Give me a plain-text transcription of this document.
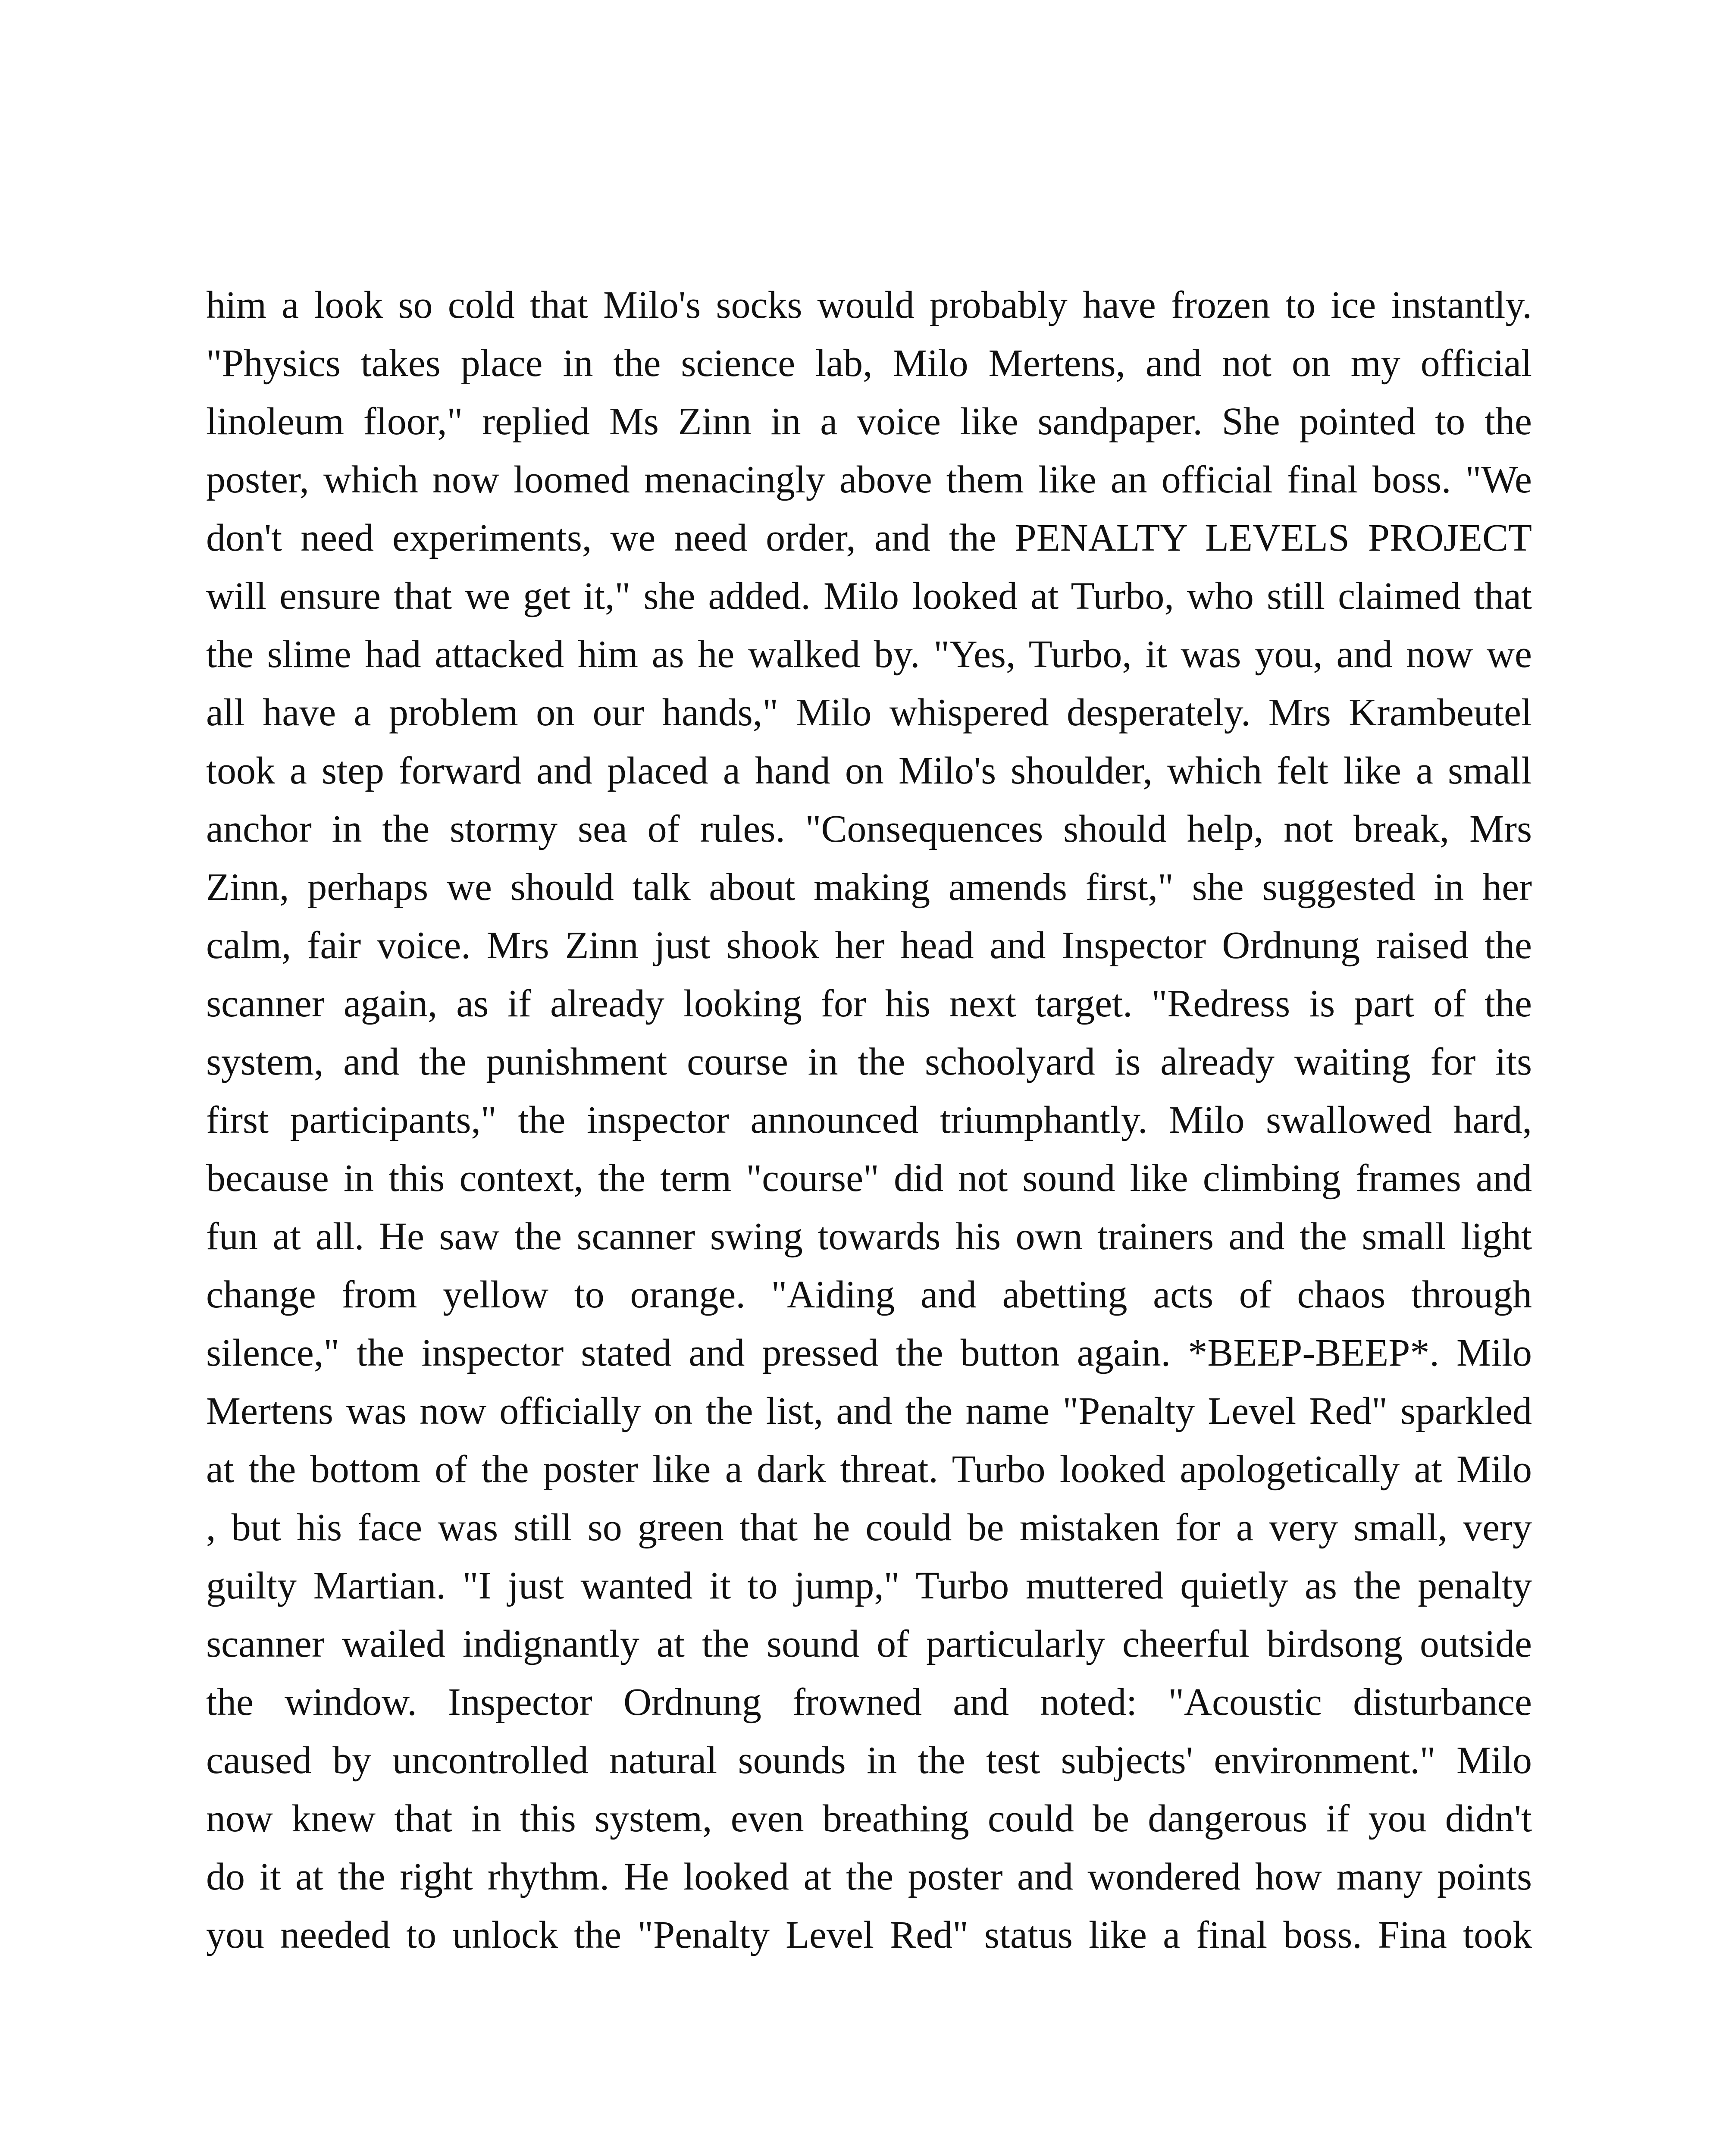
him a look so cold that Milo's socks would probably have frozen to ice instantly.
"Physics takes place in the science lab, Milo Mertens, and not on my official
linoleum floor," replied Ms Zinn in a voice like sandpaper. She pointed to the
poster, which now loomed menacingly above them like an official final boss. "We
don't need experiments, we need order, and the PENALTY LEVELS PROJECT
will ensure that we get it," she added. Milo looked at Turbo, who still claimed that
the slime had attacked him as he walked by. "Yes, Turbo, it was you, and now we
all have a problem on our hands," Milo whispered desperately. Mrs Krambeutel
took a step forward and placed a hand on Milo's shoulder, which felt like a small
anchor in the stormy sea of rules. "Consequences should help, not break, Mrs
Zinn, perhaps we should talk about making amends first," she suggested in her
calm, fair voice. Mrs Zinn just shook her head and Inspector Ordnung raised the
scanner again, as if already looking for his next target. "Redress is part of the
system, and the punishment course in the schoolyard is already waiting for its
first participants," the inspector announced triumphantly. Milo swallowed hard,
because in this context, the term "course" did not sound like climbing frames and
fun at all. He saw the scanner swing towards his own trainers and the small light
change from yellow to orange. "Aiding and abetting acts of chaos through
silence," the inspector stated and pressed the button again. *BEEP-BEEP*. Milo
Mertens was now officially on the list, and the name "Penalty Level Red" sparkled
at the bottom of the poster like a dark threat. Turbo looked apologetically at Milo
, but his face was still so green that he could be mistaken for a very small, very
guilty Martian. "I just wanted it to jump," Turbo muttered quietly as the penalty
scanner wailed indignantly at the sound of particularly cheerful birdsong outside
the window. Inspector Ordnung frowned and noted: "Acoustic disturbance
caused by uncontrolled natural sounds in the test subjects' environment." Milo
now knew that in this system, even breathing could be dangerous if you didn't
do it at the right rhythm. He looked at the poster and wondered how many points
you needed to unlock the "Penalty Level Red" status like a final boss. Fina took
